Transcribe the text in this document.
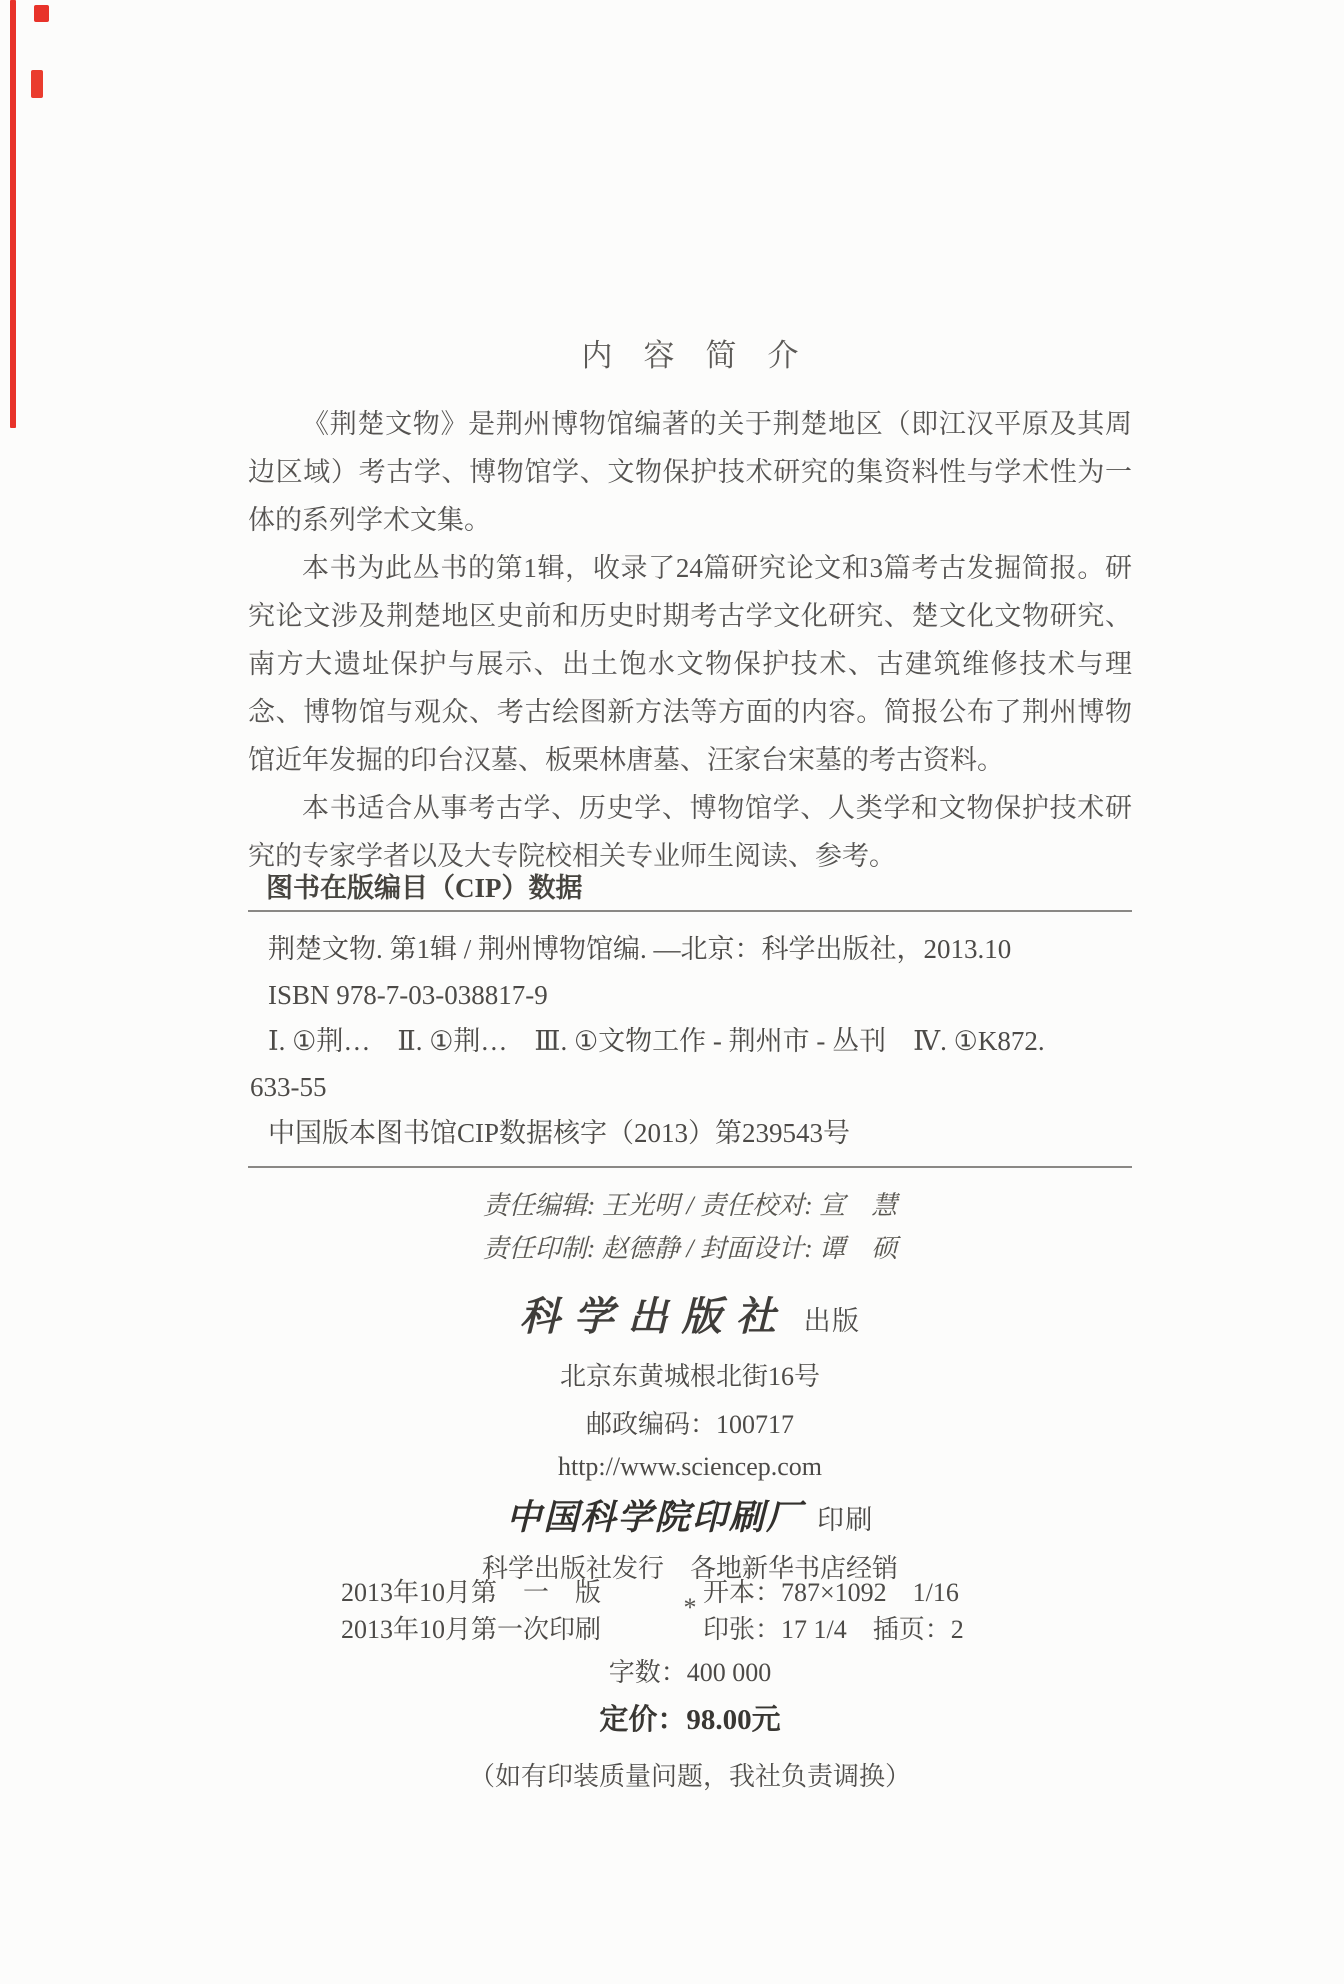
内　容　简　介
《荆楚文物》是荆州博物馆编著的关于荆楚地区（即江汉平原及其周
边区域）考古学、博物馆学、文物保护技术研究的集资料性与学术性为一
体的系列学术文集。
本书为此丛书的第1辑，收录了24篇研究论文和3篇考古发掘简报。研
究论文涉及荆楚地区史前和历史时期考古学文化研究、楚文化文物研究、
南方大遗址保护与展示、出土饱水文物保护技术、古建筑维修技术与理
念、博物馆与观众、考古绘图新方法等方面的内容。简报公布了荆州博物
馆近年发掘的印台汉墓、板栗林唐墓、汪家台宋墓的考古资料。
本书适合从事考古学、历史学、博物馆学、人类学和文物保护技术研
究的专家学者以及大专院校相关专业师生阅读、参考。
图书在版编目（CIP）数据
荆楚文物. 第1辑 / 荆州博物馆编. —北京：科学出版社，2013.10
ISBN 978-7-03-038817-9
Ⅰ. ①荆…　Ⅱ. ①荆…　Ⅲ. ①文物工作 - 荆州市 - 丛刊　Ⅳ. ①K872.
633-55
中国版本图书馆CIP数据核字（2013）第239543号
责任编辑: 王光明 / 责任校对: 宣　慧
责任印制: 赵德静 / 封面设计: 谭　硕
科学出版社 出版
北京东黄城根北街16号
邮政编码：100717
http://www.sciencep.com
中国科学院印刷厂 印刷
科学出版社发行　各地新华书店经销
*
2013年10月第　一　版	开本：787×1092　1/16
2013年10月第一次印刷	印张：17 1/4　插页：2
字数：400 000
定价：98.00元
（如有印装质量问题，我社负责调换）
